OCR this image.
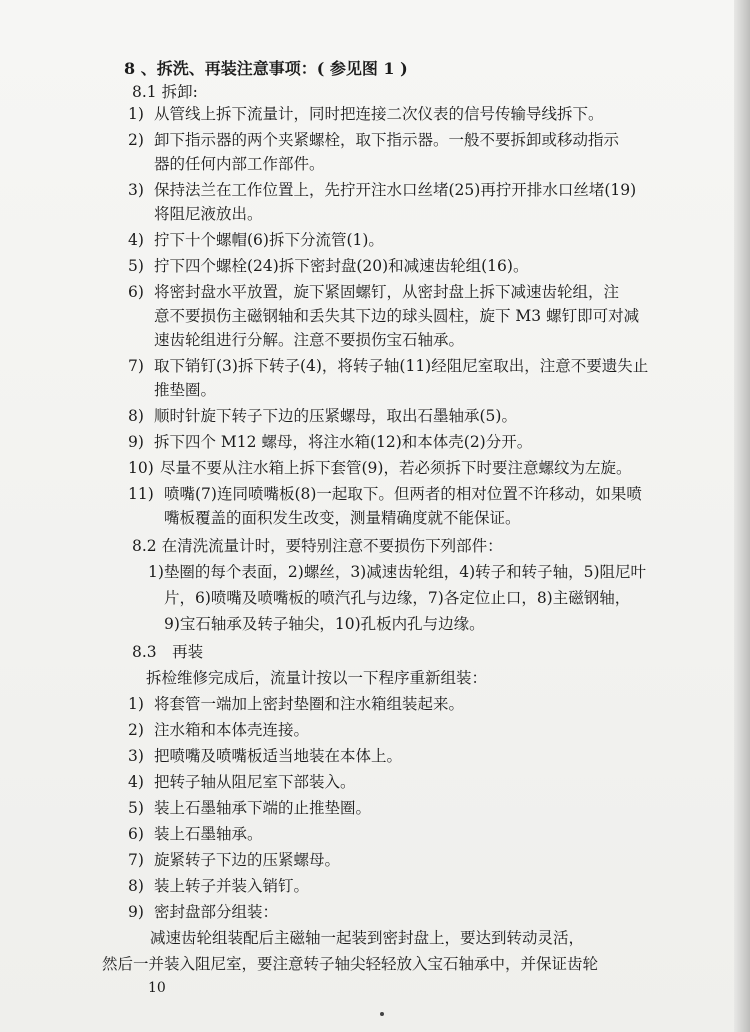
8 、拆洗、再装注意事项：( 参见图 1 )
8.1 拆卸:
1) 从管线上拆下流量计，同时把连接二次仪表的信号传输导线拆下。
2) 卸下指示器的两个夹紧螺栓，取下指示器。一般不要拆卸或移动指示
器的任何内部工作部件。
3) 保持法兰在工作位置上，先拧开注水口丝堵(25)再拧开排水口丝堵(19)
将阻尼液放出。
4) 拧下十个螺帽(6)拆下分流管(1)。
5) 拧下四个螺栓(24)拆下密封盘(20)和减速齿轮组(16)。
6) 将密封盘水平放置，旋下紧固螺钉，从密封盘上拆下减速齿轮组，注
意不要损伤主磁钢轴和丢失其下边的球头圆柱，旋下 M3 螺钉即可对减
速齿轮组进行分解。注意不要损伤宝石轴承。
7) 取下销钉(3)拆下转子(4)，将转子轴(11)经阻尼室取出，注意不要遗失止
推垫圈。
8) 顺时针旋下转子下边的压紧螺母，取出石墨轴承(5)。
9) 拆下四个 M12 螺母，将注水箱(12)和本体壳(2)分开。
10) 尽量不要从注水箱上拆下套管(9)，若必须拆下时要注意螺纹为左旋。
11) 喷嘴(7)连同喷嘴板(8)一起取下。但两者的相对位置不许移动，如果喷
嘴板覆盖的面积发生改变，测量精确度就不能保证。
8.2 在清洗流量计时，要特别注意不要损伤下列部件：
1)垫圈的每个表面，2)螺丝，3)减速齿轮组，4)转子和转子轴，5)阻尼叶
片，6)喷嘴及喷嘴板的喷汽孔与边缘，7)各定位止口，8)主磁钢轴，
9)宝石轴承及转子轴尖，10)孔板内孔与边缘。
8.3　再装
拆检维修完成后，流量计按以一下程序重新组装：
1) 将套管一端加上密封垫圈和注水箱组装起来。
2) 注水箱和本体壳连接。
3) 把喷嘴及喷嘴板适当地装在本体上。
4) 把转子轴从阻尼室下部装入。
5) 装上石墨轴承下端的止推垫圈。
6) 装上石墨轴承。
7) 旋紧转子下边的压紧螺母。
8) 装上转子并装入销钉。
9) 密封盘部分组装：
减速齿轮组装配后主磁轴一起装到密封盘上，要达到转动灵活，
然后一并装入阻尼室，要注意转子轴尖轻轻放入宝石轴承中，并保证齿轮
10
